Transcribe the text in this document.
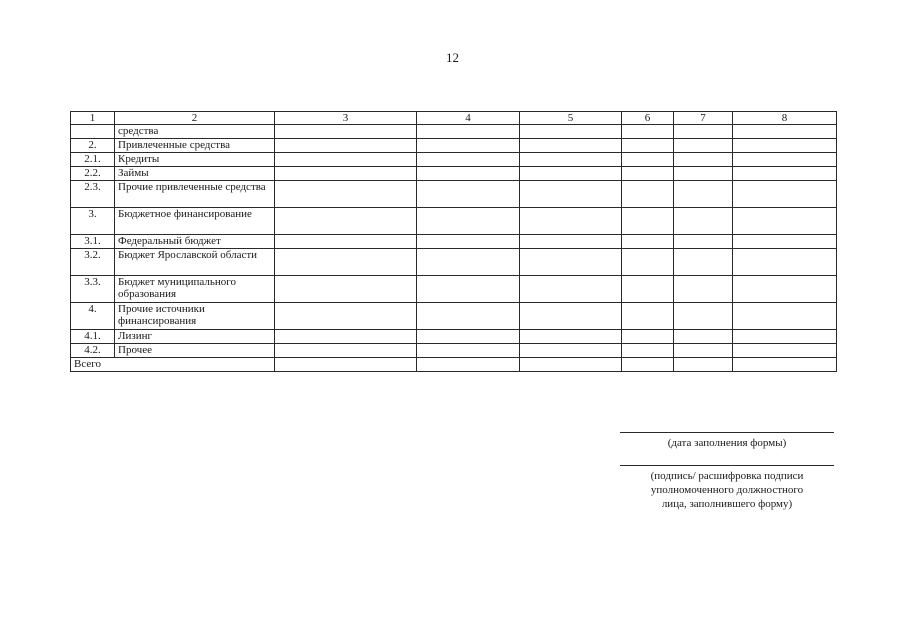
12
1	2	3	4	5	6	7	8
	средства						
2.	Привлеченные средства						
2.1.	Кредиты						
2.2.	Займы						
2.3.	Прочие привлеченные средства						
3.	Бюджетное финансирование						
3.1.	Федеральный бюджет						
3.2.	Бюджет Ярославской области						
3.3.	Бюджет муниципального образования						
4.	Прочие источники финансирования						
4.1.	Лизинг						
4.2.	Прочее						
Всего							
(дата заполнения формы)
(подпись/ расшифровка подписи
уполномоченного должностного
лица, заполнившего форму)
